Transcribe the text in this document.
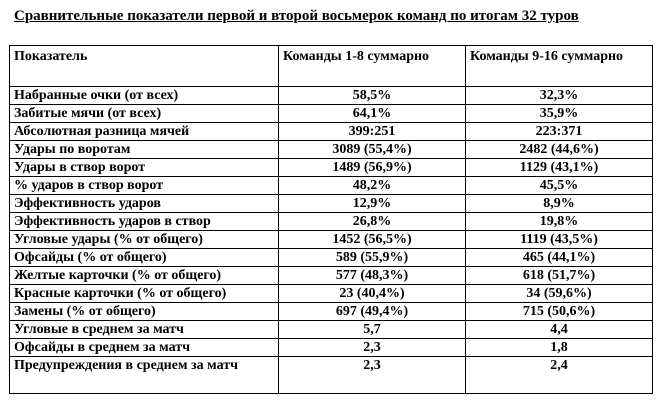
Сравнительные показатели первой и второй восьмерок команд по итогам 32 туров
Показатель	Команды 1-8 суммарно	Команды 9-16 суммарно
Набранные очки (от всех)	58,5%	32,3%
Забитые мячи (от всех)	64,1%	35,9%
Абсолютная разница мячей	399:251	223:371
Удары по воротам	3089 (55,4%)	2482 (44,6%)
Удары в створ ворот	1489 (56,9%)	1129 (43,1%)
% ударов в створ ворот	48,2%	45,5%
Эффективность ударов	12,9%	8,9%
Эффективность ударов в створ	26,8%	19,8%
Угловые удары (% от общего)	1452 (56,5%)	1119 (43,5%)
Офсайды (% от общего)	589 (55,9%)	465 (44,1%)
Желтые карточки (% от общего)	577 (48,3%)	618 (51,7%)
Красные карточки (% от общего)	23 (40,4%)	34 (59,6%)
Замены (% от общего)	697 (49,4%)	715 (50,6%)
Угловые в среднем за матч	5,7	4,4
Офсайды в среднем за матч	2,3	1,8
Предупреждения в среднем за матч	2,3	2,4
